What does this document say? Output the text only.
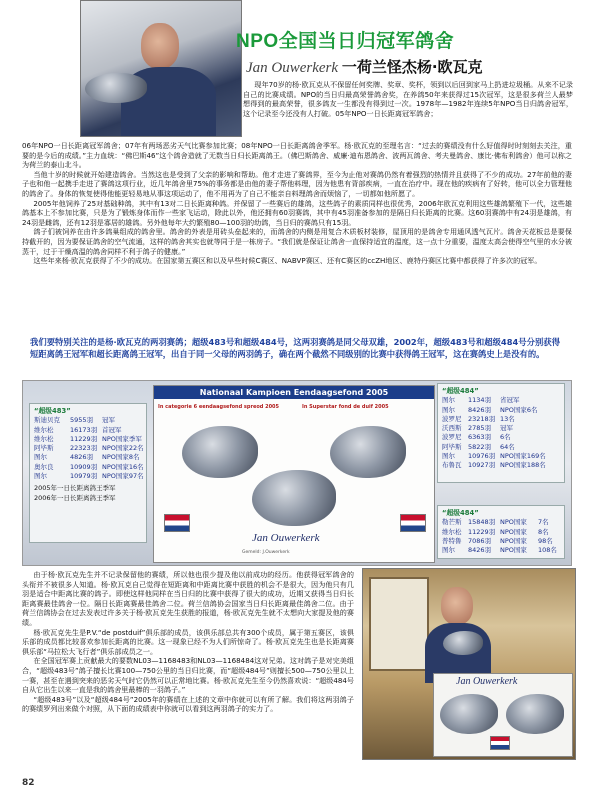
NPO全国当日归冠军鸽舍
Jan Ouwerkerk 一荷兰怪杰杨·欧瓦克

现年70岁的杨·欧瓦克从不保留任何奖牌、奖章、奖杯，领到以后回到家马上扔进垃圾桶。从来不记录自己的比赛成绩。NPO的当日归最高荣誉鸽舍奖，在养鸽50年来获得过15次冠军，这是很多荷兰人最梦想得到的最高荣誉，很多鸽友一生都没有得到过一次。1978年—1982年连续5年NPO当日归鸽舍冠军，这个记录至今还没有人打破。05年NPO一日长距离冠军鸽舍；

06年NPO一日长距离冠军鸽舍；07年有两场恶劣天气比赛参加比赛；08年NPO一日长距离鸽舍季军。杨·欧瓦克的至理名言：“过去的赛绩没有什么好值得时时刻刻去关注，重要的是今后的成绩。”主力血统：“佛巴斯46”这个鸽舍造就了无数当日归长距离鸽王。（佛巴斯鸽舍、威廉·迪布恩鸽舍、波两瓦鸽舍、考夫曼鸽舍、康比·佛布利鸽舍）他可以称之为荷兰的泰山北斗。

当他十岁的时候就开始建造鸽舍。当然这也是受到了父亲的影响和帮助。他才走进了赛鸽界，至今为止他对赛鸽仍然有着强烈的热情并且获得了不少的成功。27年前他的妻子也和他一起携手走进了赛鸽这项行业，近几年鸽舍里75%的事务都是由他的妻子帮他料理，因为他患有背部疾病，一直在治疗中。现在他的疾病有了好转，他可以全力管理他的鸽舍了。身体的恢复使得他能更轻易地从事这项运动了，他不用再为了自己不能亲自料理鸽舍而烦恼了，一切都如他所愿了。

2005年他饲养了25对基础种鸽，其中有13对二日长距离种鸽。并保留了一些赛后的雄鸽，这些鸽子的素质同样也很优秀，2006年欧瓦克利用这些雄鸽繁殖下一代，这些雄鸽基本上不参加比赛，只是为了锻炼身体而作一些家飞运动，除此以外，他还拥有60羽赛鸽，其中有45羽准备参加的是隔日归长距离的比赛。这60羽赛鸽中有24羽是雄鸽，有24羽是雌鸽，还有12羽是寡居的雄鸽。另外他每年大约繁殖80—100羽的幼鸽，当日归的赛鸽只有15羽。

鸽子们被饲养在由许多鸽巢组成的鸽舍里。鸽舍的外表是用砖头垒起来的，而鸽舍的内侧是用复合木质板材装修，屋顶用的是鸽舍专用通风透气瓦片。鸽舍天花板总是要保持截开的，因为要保证鸽舍的空气流通，这样的鸽舍其实也就等同于是一栋房子。“我们就是保证让鸽舍一直保持适宜的温度，这一点十分重要，温度太高会使得空气里的水分被蒸干，过于干燥高温的鸽舍同样不利于鸽子的健康。”

这些年来杨·欧瓦克获得了不少的成功。在国家第五赛区和以及早些时候C赛区、NABVP赛区、还有C赛区的ccZH地区、鹿特丹赛区比赛中都获得了许多次的冠军。

我们要特别关注的是杨·欧瓦克的两羽赛鸽；超级483号和超级484号，这两羽赛鸽是同父母双雄，2002年，超级483号和超级484号分别获得短距离鸽王冠军和超长距离鸽王冠军，出自于同一父母的两羽鸽子，确在两个截然不同级别的比赛中获得鸽王冠军，这在赛鸽史上是没有的。
“超级483”
斯迪贝克 5955羽 冠军
维尔松	16173羽 首冠军
维尔松	11229羽 NPO国家季军
阿毕斯	22323羽 NPO国家22名
图尔	4826羽 NPO国家8名
奥尔良	10909羽 NPO国家16名
图尔	10979羽 NPO国家97名
2005年一日长距离鸽王季军
2006年一日长距离鸽王季军
Nationaal Kampioen Eendaagsefond 2005
In categorie 6 eendaagsefond spreod 2005	In Superstar fond de duif 2005
Jan Ouwerkerk
Gemeld: J.Ouwerkerk
“超级484”
图尔 1134羽 省冠军
图尔 8426羽 NPO国家6名
波罗尼 23218羽 13名
沃西斯 2785羽 冠军
波罗尼 6363羽 6名
阿毕斯 5822羽 64名
图尔 10976羽 NPO国家169名
布鲁瓦 10927羽 NPO国家188名
“超级484”
勒芒斯 15848羽 NPO国家 7名
维尔松 11229羽 NPO国家 8名
普特鲁 7086羽 NPO国家 98名
图尔 8426羽 NPO国家 108名

由于杨·欧瓦克先生并不记录保留他的赛绩，所以他也很少提及他以前成功的经历。他获得冠军鸽舍的头衔并不被很多人知道。杨·欧瓦克自己觉得在短距离和中距离比赛中获胜的机会不是很大，因为他只有几羽是适合中距离比赛的鸽子。即使这样他同样在当日归的比赛中获得了很大的成功，近期又获得当日归长距离赛最佳鸽舍一位。隔日长距离赛最佳鸽舍二位。荷兰信鸽协会国家当日归长距离最佳鸽舍二位。由于荷兰信鸽协会在过去发表过许多关于杨·欧瓦克先生获胜的报道，杨·欧瓦克先生就不太想向大家提及他的赛绩。

杨·欧瓦克先生是P.V.“de postduif”俱乐部的成员，该俱乐部总共有300个成员，属于第五赛区，该俱乐部的成员都比较喜欢参加长距离的比赛。这一现象已经不为人们所惊奇了。杨·欧瓦克先生也是长距离赛俱乐部“马拉松大飞行者”俱乐部成员之一。

在全国冠军赛上贡献最大的要数NL03—1168483和NL03—1168484这对兄弟。这对鸽子是对完美组合，“超级483号”鸽子擅长比赛100—750公里的当日归比赛，而“超级484号”则擅长500—750公里以上一赛，甚至在遇到突来的恶劣天气时它仍然可以正常地比赛。杨·欧瓦克先生至今仍然喜欢说：“超级484号自从它出生以来一直是我的鸽舍里最棒的一羽鸽子。”

“超级483号”以及“超级484号”2005年的赛绩在上述的文章中你就可以有所了解。我们将这两羽鸽子的赛绩罗列出来做个对照，从下面的成绩表中你就可以看到这两羽鸽子的实力了。

Jan Ouwerkerk
82
